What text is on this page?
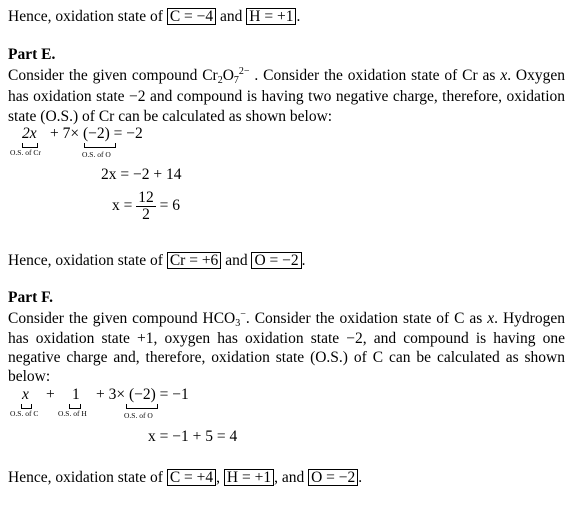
Hence, oxidation state of C = −4 and H = +1 .
Part E.
Consider the given compound $Cr_2O_7^{2-}$ . Consider the oxidation state of Cr as x. Oxygen
has oxidation state −2 and compound is having two negative charge, therefore, oxidation
state (O.S.) of Cr can be calculated as shown below:
2x
O.S. of Cr
+ 7× (−2) = −2
O.S. of O
2x = −2 + 14
$x = \frac{12}{2} = 6$
Hence, oxidation state of Cr = +6 and O = −2 .
Part F.
Consider the given compound $HCO_3^-$. Consider the oxidation state of C as x. Hydrogen
has oxidation state +1, oxygen has oxidation state −2, and compound is having one
negative charge and, therefore, oxidation state (O.S.) of C can be calculated as shown
below:
x
O.S. of C
+ 1
O.S. of H
+ 3× (−2) = −1
O.S. of O
x = −1 + 5 = 4
Hence, oxidation state of C = +4 , H = +1 , and O = −2 .
